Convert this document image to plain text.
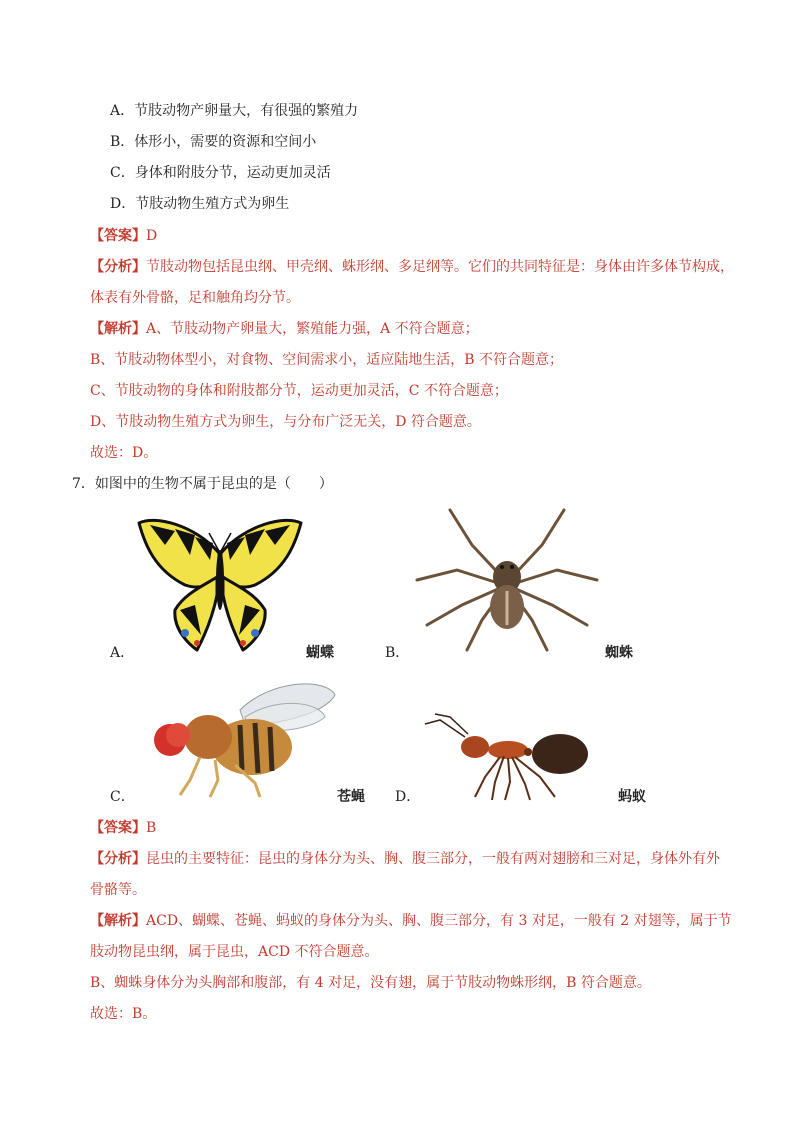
A．节肢动物产卵量大，有很强的繁殖力
B．体形小，需要的资源和空间小
C．身体和附肢分节，运动更加灵活
D．节肢动物生殖方式为卵生
【答案】D
【分析】节肢动物包括昆虫纲、甲壳纲、蛛形纲、多足纲等。它们的共同特征是：身体由许多体节构成，
体表有外骨骼，足和触角均分节。
【解析】A、节肢动物产卵量大，繁殖能力强，A 不符合题意；
B、节肢动物体型小，对食物、空间需求小，适应陆地生活，B 不符合题意；
C、节肢动物的身体和附肢都分节，运动更加灵活，C 不符合题意；
D、节肢动物生殖方式为卵生，与分布广泛无关，D 符合题意。
故选：D。
7．如图中的生物不属于昆虫的是（　　）
A．	蝴蝶	B．	蜘蛛
C．	苍蝇 D．	蚂蚁
【答案】B
【分析】昆虫的主要特征：昆虫的身体分为头、胸、腹三部分，一般有两对翅膀和三对足，身体外有外
骨骼等。
【解析】ACD、蝴蝶、苍蝇、蚂蚁的身体分为头、胸、腹三部分，有 3 对足，一般有 2 对翅等，属于节
肢动物昆虫纲，属于昆虫，ACD 不符合题意。
B、蜘蛛身体分为头胸部和腹部，有 4 对足，没有翅，属于节肢动物蛛形纲，B 符合题意。
故选：B。
